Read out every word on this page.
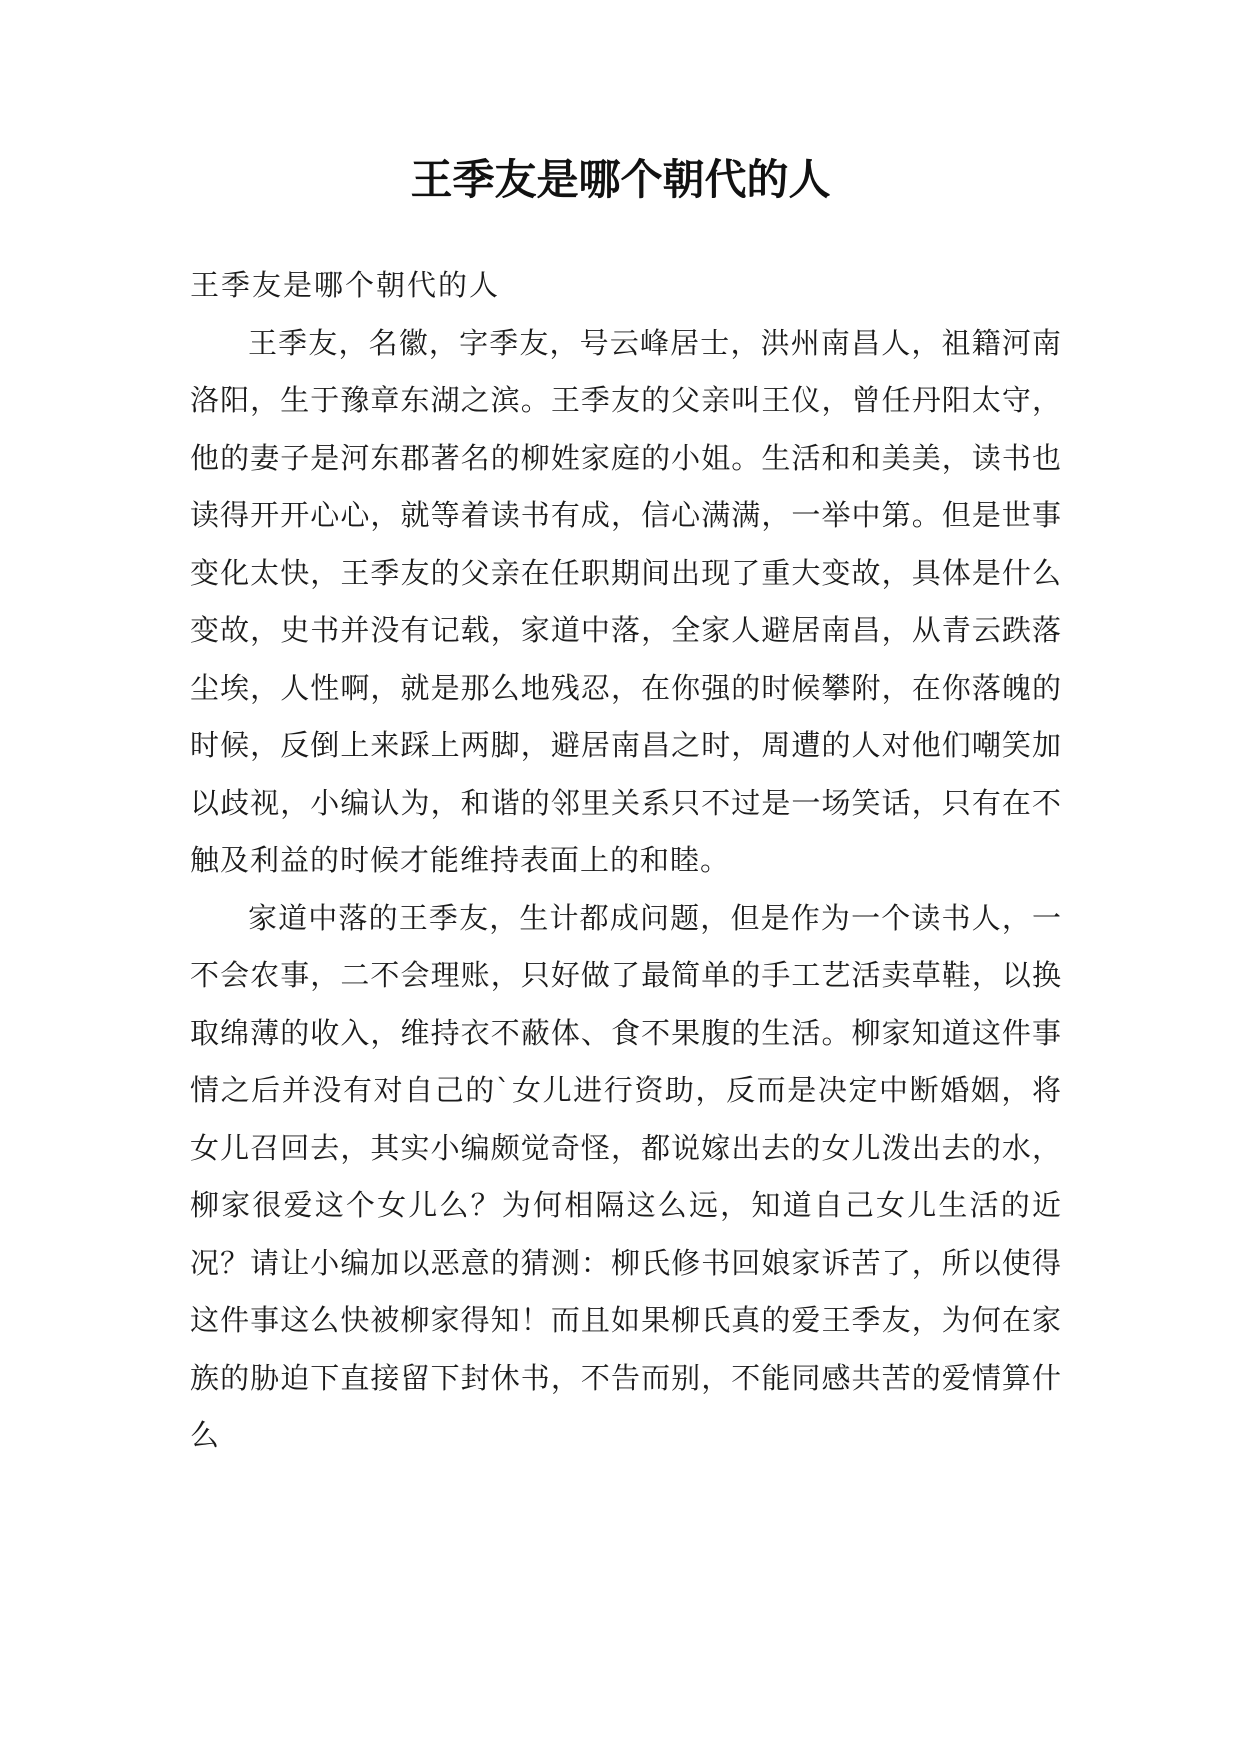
王季友是哪个朝代的人

王季友是哪个朝代的人

王季友，名徽，字季友，号云峰居士，洪州南昌人，祖籍河南洛阳，生于豫章东湖之滨。王季友的父亲叫王仪，曾任丹阳太守，他的妻子是河东郡著名的柳姓家庭的小姐。生活和和美美，读书也读得开开心心，就等着读书有成，信心满满，一举中第。但是世事变化太快，王季友的父亲在任职期间出现了重大变故，具体是什么变故，史书并没有记载，家道中落，全家人避居南昌，从青云跌落尘埃，人性啊，就是那么地残忍，在你强的时候攀附，在你落魄的时候，反倒上来踩上两脚，避居南昌之时，周遭的人对他们嘲笑加以歧视，小编认为，和谐的邻里关系只不过是一场笑话，只有在不触及利益的时候才能维持表面上的和睦。

家道中落的王季友，生计都成问题，但是作为一个读书人，一不会农事，二不会理账，只好做了最简单的手工艺活卖草鞋，以换取绵薄的收入，维持衣不蔽体、食不果腹的生活。柳家知道这件事情之后并没有对自己的`女儿进行资助，反而是决定中断婚姻，将女儿召回去，其实小编颇觉奇怪，都说嫁出去的女儿泼出去的水，柳家很爱这个女儿么？为何相隔这么远，知道自己女儿生活的近况？请让小编加以恶意的猜测：柳氏修书回娘家诉苦了，所以使得这件事这么快被柳家得知！而且如果柳氏真的爱王季友，为何在家族的胁迫下直接留下封休书，不告而别，不能同感共苦的爱情算什么
